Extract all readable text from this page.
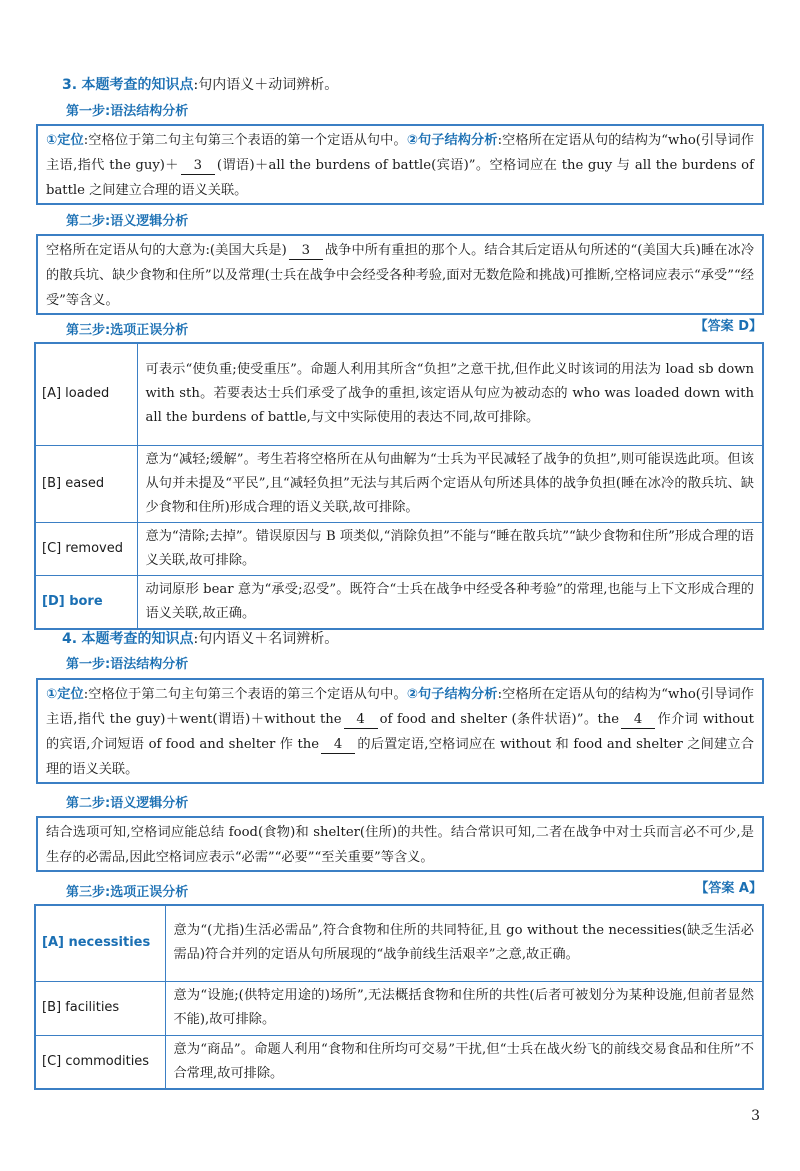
3. 本题考查的知识点:句内语义＋动词辨析。
第一步:语法结构分析
①定位:空格位于第二句主句第三个表语的第一个定语从句中。②句子结构分析:空格所在定语从句的结构为“who(引导词作主语,指代 the guy)＋ 3 (谓语)＋all the burdens of battle(宾语)”。空格词应在 the guy 与 all the burdens of battle 之间建立合理的语义关联。
第二步:语义逻辑分析
空格所在定语从句的大意为:(美国大兵是) 3 战争中所有重担的那个人。结合其后定语从句所述的“(美国大兵)睡在冰冷的散兵坑、缺少食物和住所”以及常理(士兵在战争中会经受各种考验,面对无数危险和挑战)可推断,空格词应表示“承受”“经受”等含义。
第三步:选项正误分析	【答案 D】
[A] loaded	可表示“使负重;使受重压”。命题人利用其所含“负担”之意干扰,但作此义时该词的用法为 load sb down with sth。若要表达士兵们承受了战争的重担,该定语从句应为被动态的 who was loaded down with all the burdens of battle,与文中实际使用的表达不同,故可排除。
[B] eased	意为“减轻;缓解”。考生若将空格所在从句曲解为“士兵为平民减轻了战争的负担”,则可能误选此项。但该从句并未提及“平民”,且“减轻负担”无法与其后两个定语从句所述具体的战争负担(睡在冰冷的散兵坑、缺少食物和住所)形成合理的语义关联,故可排除。
[C] removed	意为“清除;去掉”。错误原因与 B 项类似,“消除负担”不能与“睡在散兵坑”“缺少食物和住所”形成合理的语义关联,故可排除。
[D] bore	动词原形 bear 意为“承受;忍受”。既符合“士兵在战争中经受各种考验”的常理,也能与上下文形成合理的语义关联,故正确。
4. 本题考查的知识点:句内语义＋名词辨析。
第一步:语法结构分析
①定位:空格位于第二句主句第三个表语的第三个定语从句中。②句子结构分析:空格所在定语从句的结构为“who(引导词作主语,指代 the guy)＋went(谓语)＋without the 4 of food and shelter (条件状语)”。the 4 作介词 without 的宾语,介词短语 of food and shelter 作 the 4 的后置定语,空格词应在 without 和 food and shelter 之间建立合理的语义关联。
第二步:语义逻辑分析
结合选项可知,空格词应能总结 food(食物)和 shelter(住所)的共性。结合常识可知,二者在战争中对士兵而言必不可少,是生存的必需品,因此空格词应表示“必需”“必要”“至关重要”等含义。
第三步:选项正误分析	【答案 A】
[A] necessities	意为“(尤指)生活必需品”,符合食物和住所的共同特征,且 go without the necessities(缺乏生活必需品)符合并列的定语从句所展现的“战争前线生活艰辛”之意,故正确。
[B] facilities	意为“设施;(供特定用途的)场所”,无法概括食物和住所的共性(后者可被划分为某种设施,但前者显然不能),故可排除。
[C] commodities	意为“商品”。命题人利用“食物和住所均可交易”干扰,但“士兵在战火纷飞的前线交易食品和住所”不合常理,故可排除。
3
